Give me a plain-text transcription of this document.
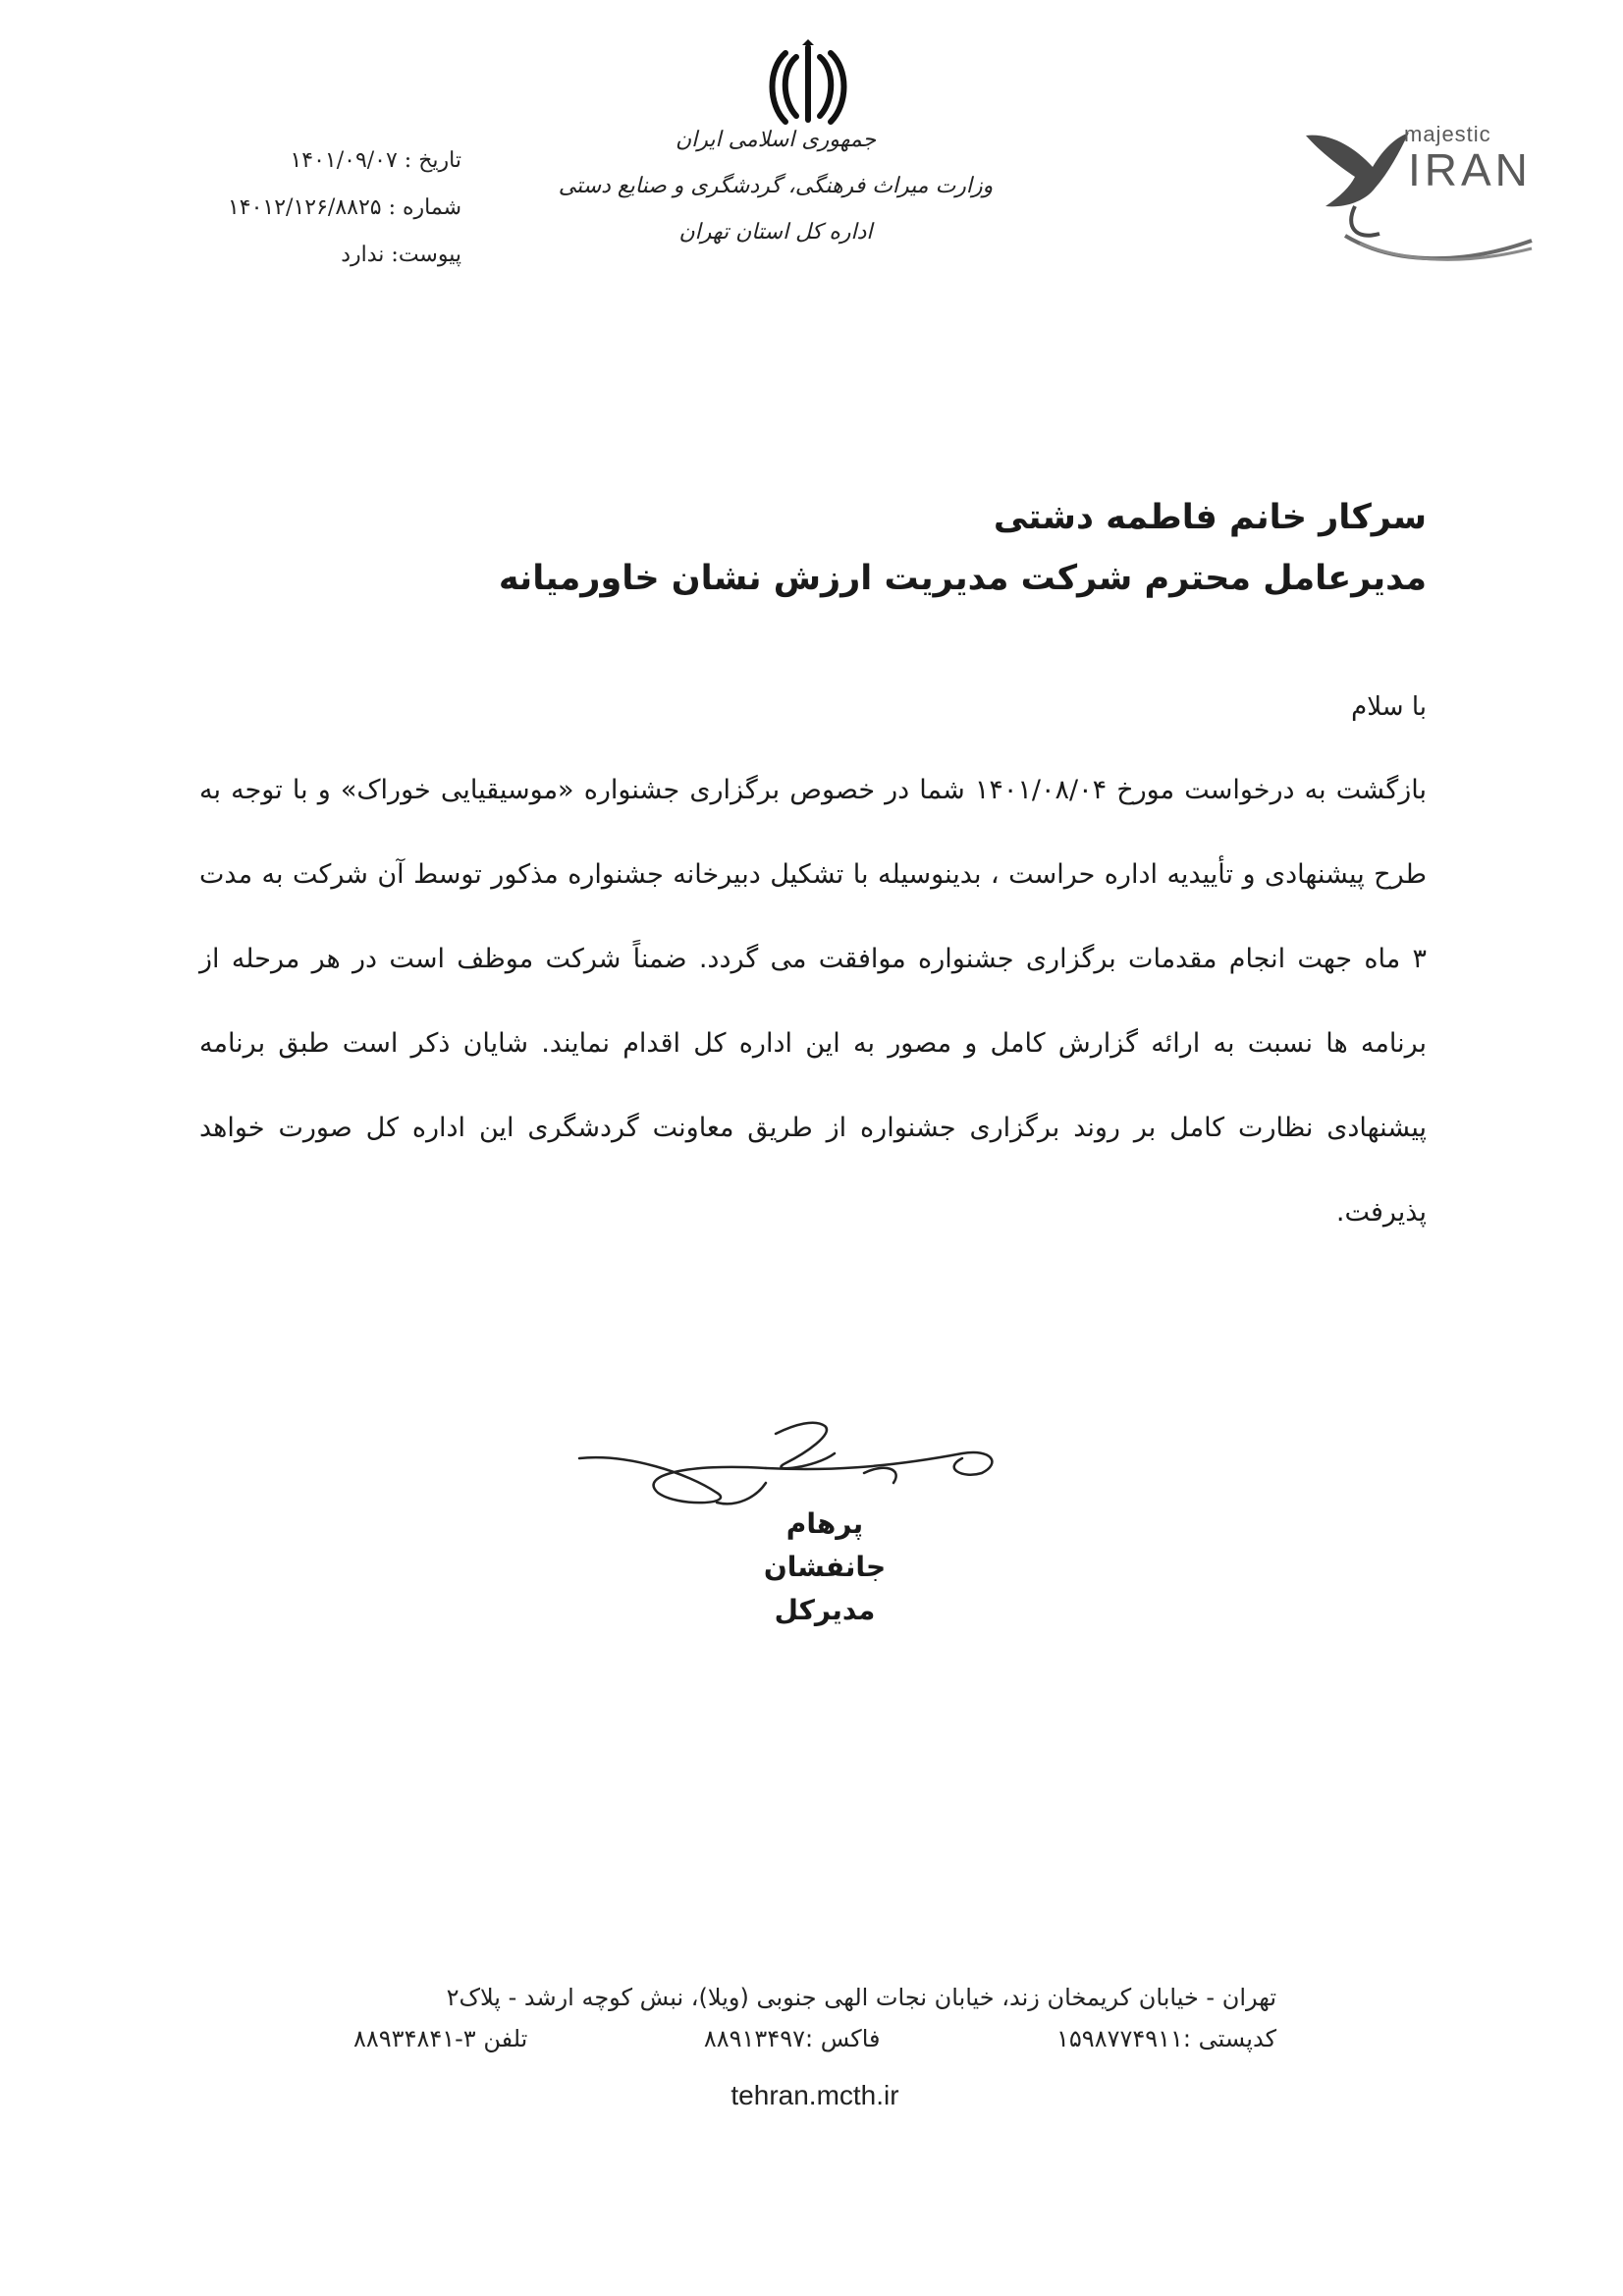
تاریخ : ۱۴۰۱/۰۹/۰۷
شماره : ۱۴۰۱۲/۱۲۶/۸۸۲۵
پیوست: ندارد
جمهوری اسلامی ایران
وزارت میراث فرهنگی، گردشگری و صنایع دستی
اداره کل استان تهران
majestic
IRAN
سرکار خانم فاطمه دشتی
مدیرعامل محترم شرکت مدیریت ارزش نشان خاورمیانه
با سلام
بازگشت به درخواست مورخ ۱۴۰۱/۰۸/۰۴ شما در خصوص برگزاری جشنواره «موسیقیایی خوراک» و با توجه به طرح پیشنهادی و تأییدیه اداره حراست ، بدینوسیله با تشکیل دبیرخانه جشنواره مذکور توسط آن شرکت به مدت ۳ ماه جهت انجام مقدمات برگزاری جشنواره موافقت می گردد. ضمناً شرکت موظف است در هر مرحله از برنامه ها نسبت به ارائه گزارش کامل و مصور به این اداره کل اقدام نمایند. شایان ذکر است طبق برنامه پیشنهادی نظارت کامل بر روند برگزاری جشنواره از طریق معاونت گردشگری این اداره کل صورت خواهد پذیرفت.
پرهام جانفشان
مدیرکل
تهران - خیابان کریمخان زند، خیابان نجات الهی جنوبی (ویلا)، نبش کوچه ارشد - پلاک۲
تلفن ۳-۸۸۹۳۴۸۴۱	فاکس :۸۸۹۱۳۴۹۷	کدپستی :۱۵۹۸۷۷۴۹۱۱
tehran.mcth.ir
